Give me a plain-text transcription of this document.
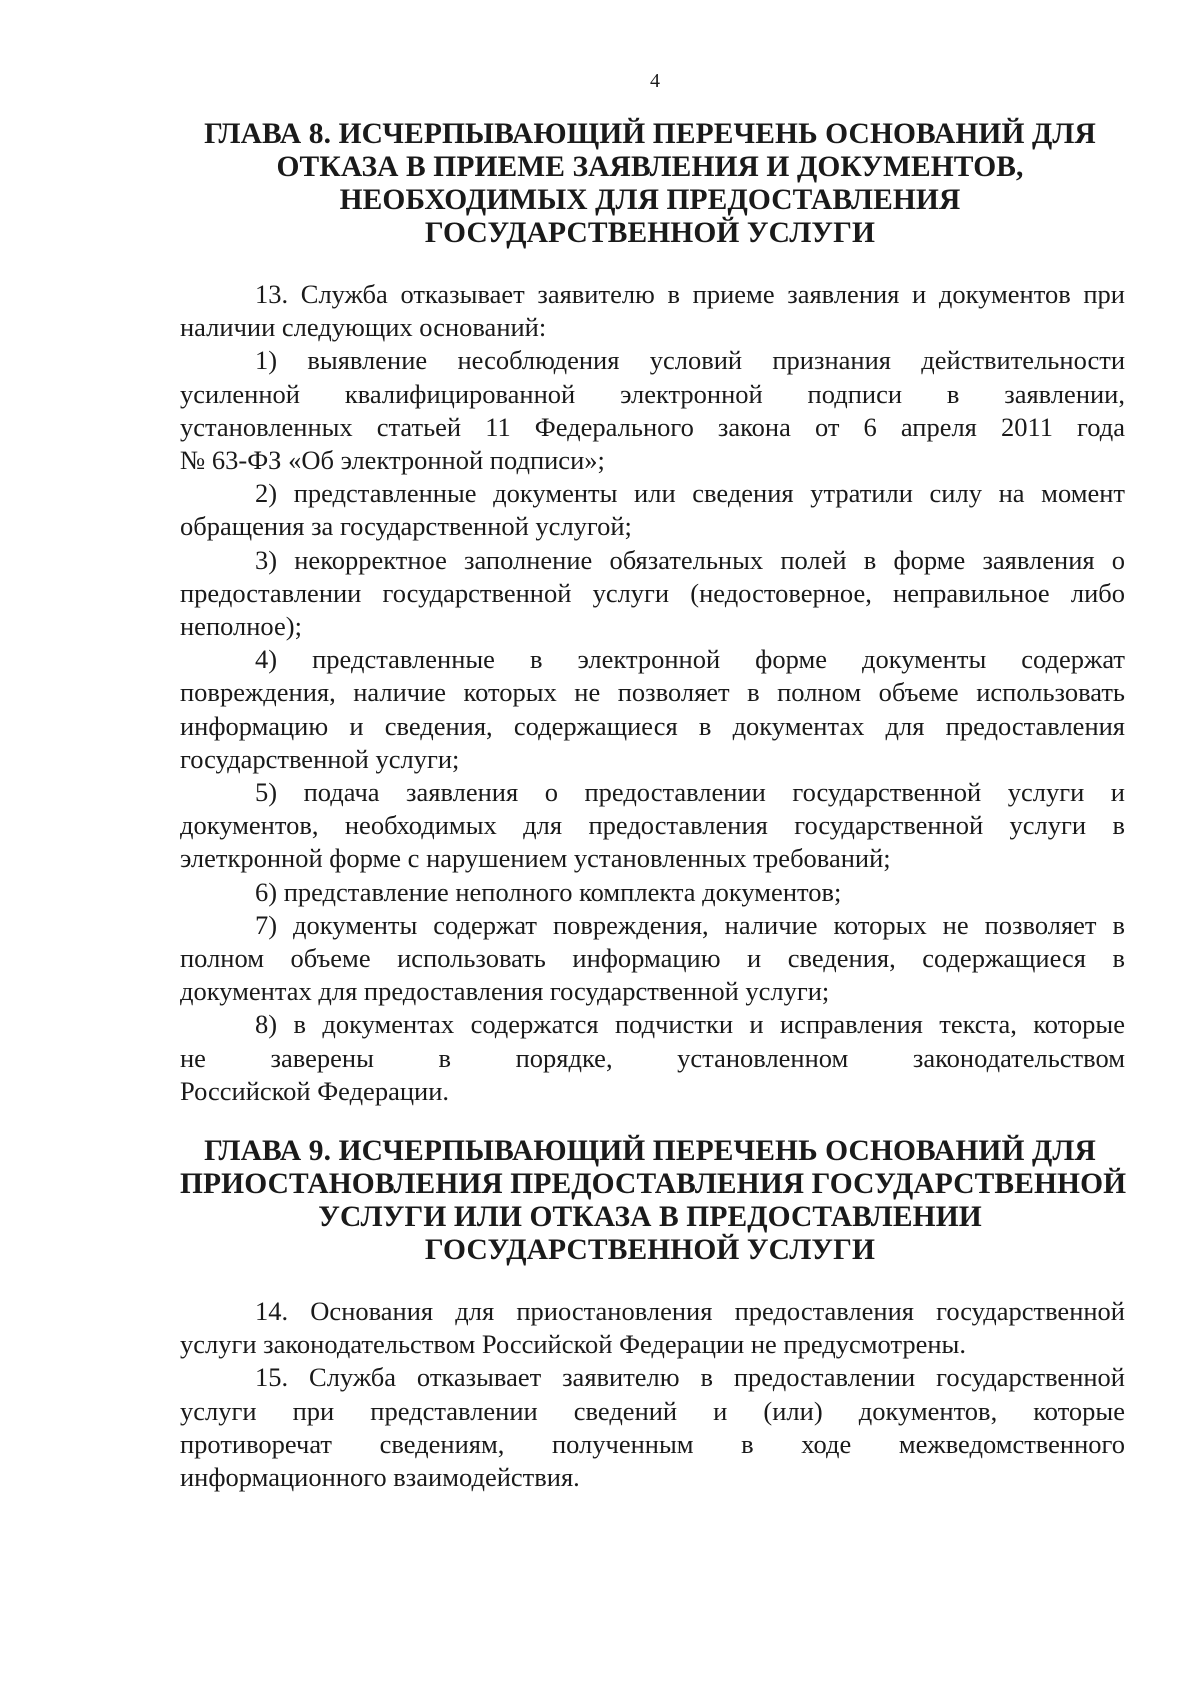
4
ГЛАВА 8. ИСЧЕРПЫВАЮЩИЙ ПЕРЕЧЕНЬ ОСНОВАНИЙ ДЛЯ
ОТКАЗА В ПРИЕМЕ ЗАЯВЛЕНИЯ И ДОКУМЕНТОВ,
НЕОБХОДИМЫХ ДЛЯ ПРЕДОСТАВЛЕНИЯ
ГОСУДАРСТВЕННОЙ УСЛУГИ
13. Служба отказывает заявителю в приеме заявления и документов при
наличии следующих оснований:
1) выявление несоблюдения условий признания действительности
усиленной квалифицированной электронной подписи в заявлении,
установленных статьей 11 Федерального закона от 6 апреля 2011 года
№ 63-ФЗ «Об электронной подписи»;
2) представленные документы или сведения утратили силу на момент
обращения за государственной услугой;
3) некорректное заполнение обязательных полей в форме заявления о
предоставлении государственной услуги (недостоверное, неправильное либо
неполное);
4) представленные в электронной форме документы содержат
повреждения, наличие которых не позволяет в полном объеме использовать
информацию и сведения, содержащиеся в документах для предоставления
государственной услуги;
5) подача заявления о предоставлении государственной услуги и
документов, необходимых для предоставления государственной услуги в
элеткронной форме с нарушением установленных требований;
6) представление неполного комплекта документов;
7) документы содержат повреждения, наличие которых не позволяет в
полном объеме использовать информацию и сведения, содержащиеся в
документах для предоставления государственной услуги;
8) в документах содержатся подчистки и исправления текста, которые
не заверены в порядке, установленном законодательством
Российской Федерации.
ГЛАВА 9. ИСЧЕРПЫВАЮЩИЙ ПЕРЕЧЕНЬ ОСНОВАНИЙ ДЛЯ
ПРИОСТАНОВЛЕНИЯ ПРЕДОСТАВЛЕНИЯ ГОСУДАРСТВЕННОЙ
УСЛУГИ ИЛИ ОТКАЗА В ПРЕДОСТАВЛЕНИИ
ГОСУДАРСТВЕННОЙ УСЛУГИ
14. Основания для приостановления предоставления государственной
услуги законодательством Российской Федерации не предусмотрены.
15. Служба отказывает заявителю в предоставлении государственной
услуги при представлении сведений и (или) документов, которые
противоречат сведениям, полученным в ходе межведомственного
информационного взаимодействия.
